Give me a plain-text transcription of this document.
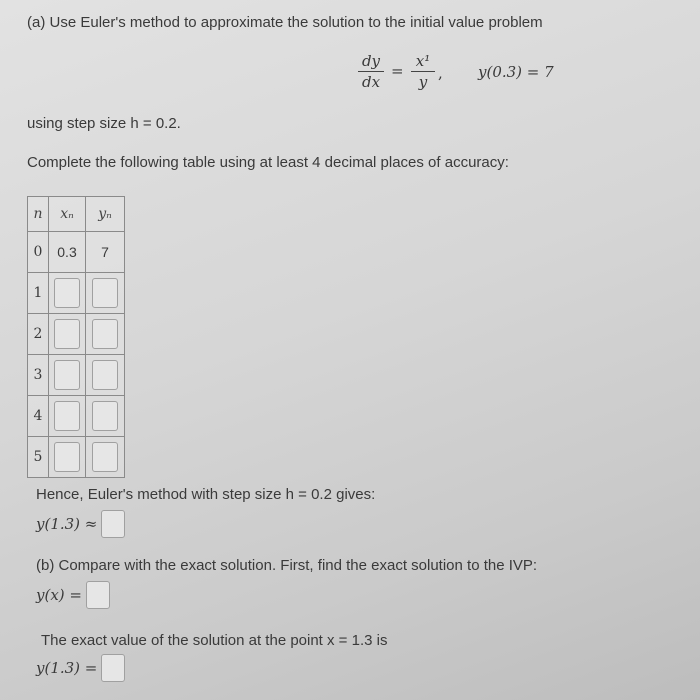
(a) Use Euler's method to approximate the solution to the initial value problem
dy
dx
=
x¹
y , y(0.3) = 7
using step size h = 0.2.
Complete the following table using at least 4 decimal places of accuracy:
n	xₙ	yₙ
0	0.3	7
1		
2		
3		
4		
5		
Hence, Euler's method with step size h = 0.2 gives:
y(1.3) ≈
(b) Compare with the exact solution. First, find the exact solution to the IVP:
y(x) =
The exact value of the solution at the point x = 1.3 is
y(1.3) =
